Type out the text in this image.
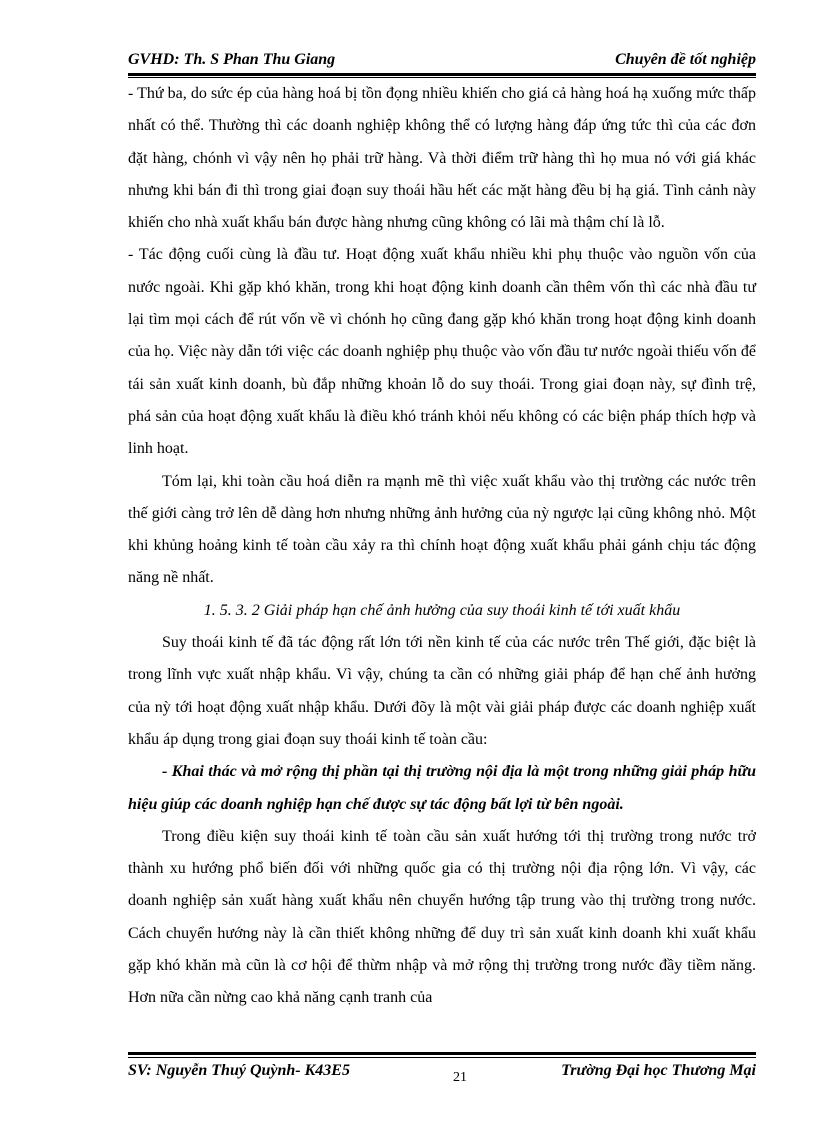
GVHD: Th. S Phan Thu Giang	Chuyên đề tốt nghiệp

- Thứ ba, do sức ép của hàng hoá bị tồn đọng nhiều khiến cho giá cả hàng hoá hạ xuống mức thấp nhất có thể. Thường thì các doanh nghiệp không thể có lượng hàng đáp ứng tức thì của các đơn đặt hàng, chónh vì vậy nên họ phải trữ hàng. Và thời điểm trữ hàng thì họ mua nó với giá khác nhưng khi bán đi thì trong giai đoạn suy thoái hầu hết các mặt hàng đều bị hạ giá. Tình cảnh này khiến cho nhà xuất khẩu bán được hàng nhưng cũng không có lãi mà thậm chí là lỗ.

- Tác động cuối cùng là đầu tư. Hoạt động xuất khẩu nhiều khi phụ thuộc vào nguồn vốn của nước ngoài. Khi gặp khó khăn, trong khi hoạt động kinh doanh cần thêm vốn thì các nhà đầu tư lại tìm mọi cách để rút vốn về vì chónh họ cũng đang gặp khó khăn trong hoạt động kinh doanh của họ. Việc này dẫn tới việc các doanh nghiệp phụ thuộc vào vốn đầu tư nước ngoài thiếu vốn để tái sản xuất kinh doanh, bù đắp những khoản lỗ do suy thoái. Trong giai đoạn này, sự đình trệ, phá sản của hoạt động xuất khẩu là điều khó tránh khỏi nếu không có các biện pháp thích hợp và linh hoạt.

Tóm lại, khi toàn cầu hoá diễn ra mạnh mẽ thì việc xuất khẩu vào thị trường các nước trên thế giới càng trở lên dễ dàng hơn nhưng những ảnh hưởng của nỳ ngược lại cũng không nhỏ. Một khi khủng hoảng kinh tế toàn cầu xảy ra thì chính hoạt động xuất khẩu phải gánh chịu tác động năng nề nhất.

1. 5. 3. 2 Giải pháp hạn chế ảnh hưởng của suy thoái kinh tế tới xuất khẩu

Suy thoái kinh tế đã tác động rất lớn tới nền kinh tế của các nước trên Thế giới, đặc biệt là trong lĩnh vực xuất nhập khẩu. Vì vậy, chúng ta cần có những giải pháp để hạn chế ảnh hưởng của nỳ tới hoạt động xuất nhập khẩu. Dưới đõy là một vài giải pháp được các doanh nghiệp xuất khẩu áp dụng trong giai đoạn suy thoái kinh tế toàn cầu:

- Khai thác và mở rộng thị phần tại thị trường nội địa là một trong những giải pháp hữu hiệu giúp các doanh nghiệp hạn chế được sự tác động bất lợi từ bên ngoài.

Trong điều kiện suy thoái kinh tế toàn cầu sản xuất hướng tới thị trường trong nước trở thành xu hướng phổ biến đối với những quốc gia có thị trường nội địa rộng lớn. Vì vậy, các doanh nghiệp sản xuất hàng xuất khẩu nên chuyển hướng tập trung vào thị trường trong nước. Cách chuyển hướng này là cần thiết không những để duy trì sản xuất kinh doanh khi xuất khẩu gặp khó khăn mà cũn là cơ hội để thừm nhập và mở rộng thị trường trong nước đầy tiềm năng. Hơn nữa cần nừng cao khả năng cạnh tranh của

SV: Nguyễn Thuý Quỳnh- K43E5	21	Trường Đại học Thương Mại
